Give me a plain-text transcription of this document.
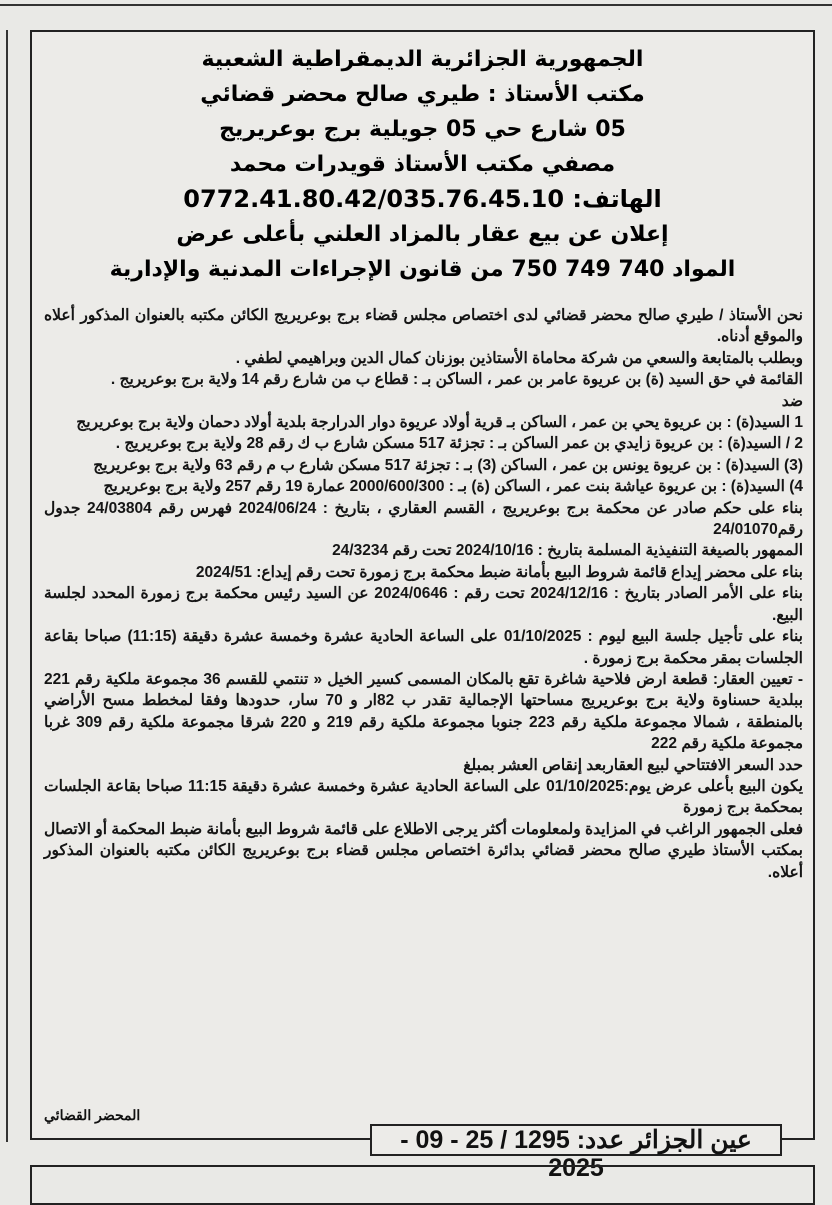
الجمهورية الجزائرية الديمقراطية الشعبية
مكتب الأستاذ : طيري صالح محضر قضائي
05 شارع حي 05 جويلية برج بوعريريج
مصفي مكتب الأستاذ قويدرات محمد
الهاتف: 0772.41.80.42/035.76.45.10
إعلان عن بيع عقار بالمزاد العلني بأعلى عرض
المواد 740 749 750 من قانون الإجراءات المدنية والإدارية

نحن الأستاذ / طيري صالح محضر قضائي لدى اختصاص مجلس قضاء برج بوعريريج الكائن مكتبه بالعنوان المذكور أعلاه والموقع أدناه.

وبطلب بالمتابعة والسعي من شركة محاماة الأستاذين بوزنان كمال الدين وبراهيمي لطفي .

القائمة في حق السيد (ة) بن عريوة عامر بن عمر ، الساكن بـ : قطاع ب من شارع رقم 14 ولاية برج بوعريريج .

ضد

1 السيد(ة) : بن عريوة يحي بن عمر ، الساكن بـ قرية أولاد عريوة دوار الدرارجة بلدية أولاد دحمان ولاية برج بوعريريج

2 / السيد(ة) : بن عريوة زايدي بن عمر الساكن بـ : تجزئة 517 مسكن شارع ب ك رقم 28 ولاية برج بوعريريج .

(3) السيد(ة) : بن عريوة يونس بن عمر ، الساكن (3) بـ : تجزئة 517 مسكن شارع ب م رقم 63 ولاية برج بوعريريج

4) السيد(ة) : بن عريوة عياشة بنت عمر ، الساكن (ة) بـ : 2000/600/300 عمارة 19 رقم 257 ولاية برج بوعريريج

بناء على حكم صادر عن محكمة برج بوعريريج ، القسم العقاري ، بتاريخ : 2024/06/24 فهرس رقم 24/03804 جدول رقم24/01070

الممهور بالصيغة التنفيذية المسلمة بتاريخ : 2024/10/16 تحت رقم 24/3234

بناء على محضر إيداع قائمة شروط البيع بأمانة ضبط محكمة برج زمورة تحت رقم إيداع: 2024/51

بناء على الأمر الصادر بتاريخ : 2024/12/16 تحت رقم : 2024/0646 عن السيد رئيس محكمة برج زمورة المحدد لجلسة البيع.

بناء على تأجيل جلسة البيع ليوم : 01/10/2025 على الساعة الحادية عشرة وخمسة عشرة دقيقة (11:15) صباحا بقاعة الجلسات بمقر محكمة برج زمورة .

- تعيين العقار: قطعة ارض فلاحية شاغرة تقع بالمكان المسمى كسير الخيل « تنتمي للقسم 36 مجموعة ملكية رقم 221 ببلدية حسناوة ولاية برج بوعريريج مساحتها الإجمالية تقدر ب 82ار و 70 سار، حدودها وفقا لمخطط مسح الأراضي بالمنطقة ، شمالا مجموعة ملكية رقم 223 جنوبا مجموعة ملكية رقم 219 و 220 شرقا مجموعة ملكية رقم 309 غربا مجموعة ملكية رقم 222

حدد السعر الافتتاحي لبيع العقاربعد إنقاص العشر بمبلغ

يكون البيع بأعلى عرض يوم:01/10/2025 على الساعة الحادية عشرة وخمسة عشرة دقيقة 11:15 صباحا بقاعة الجلسات بمحكمة برج زمورة

فعلى الجمهور الراغب في المزايدة ولمعلومات أكثر يرجى الاطلاع على قائمة شروط البيع بأمانة ضبط المحكمة أو الاتصال بمكتب الأستاذ طيري صالح محضر قضائي بدائرة اختصاص مجلس قضاء برج بوعريريج الكائن مكتبه بالعنوان المذكور أعلاه.

المحضر القضائي
عين الجزائر عدد: 1295 / 25 - 09 - 2025
